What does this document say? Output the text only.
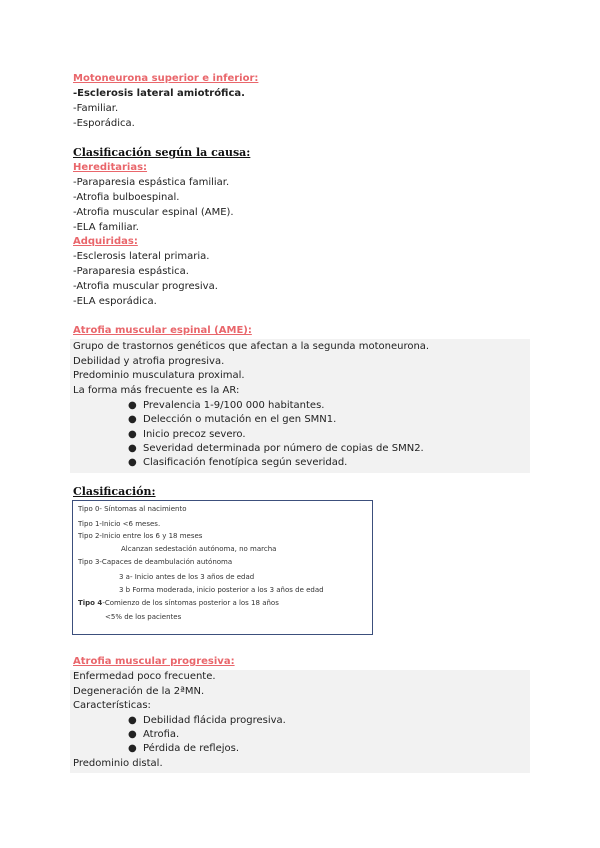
Motoneurona superior e inferior:
-Esclerosis lateral amiotrófica.
-Familiar.
-Esporádica.
Clasificación según la causa:
Hereditarias:
-Paraparesia espástica familiar.
-Atrofia bulboespinal.
-Atrofia muscular espinal (AME).
-ELA familiar.
Adquiridas:
-Esclerosis lateral primaria.
-Paraparesia espástica.
-Atrofia muscular progresiva.
-ELA esporádica.
Atrofia muscular espinal (AME):
Grupo de trastornos genéticos que afectan a la segunda motoneurona.
Debilidad y atrofia progresiva.
Predominio musculatura proximal.
La forma más frecuente es la AR:
● Prevalencia 1-9/100 000 habitantes.
● Delección o mutación en el gen SMN1.
● Inicio precoz severo.
● Severidad determinada por número de copias de SMN2.
● Clasificación fenotípica según severidad.
Clasificación:
Tipo 0- Síntomas al nacimiento
Tipo 1-Inicio <6 meses.
Tipo 2-Inicio entre los 6 y 18 meses
Alcanzan sedestación autónoma, no marcha
Tipo 3-Capaces de deambulación autónoma
3 a- Inicio antes de los 3 años de edad
3 b Forma moderada, inicio posterior a los 3 años de edad
Tipo 4-Comienzo de los síntomas posterior a los 18 años
<5% de los pacientes
Atrofia muscular progresiva:
Enfermedad poco frecuente.
Degeneración de la 2ªMN.
Características:
● Debilidad flácida progresiva.
● Atrofia.
● Pérdida de reflejos.
Predominio distal.
